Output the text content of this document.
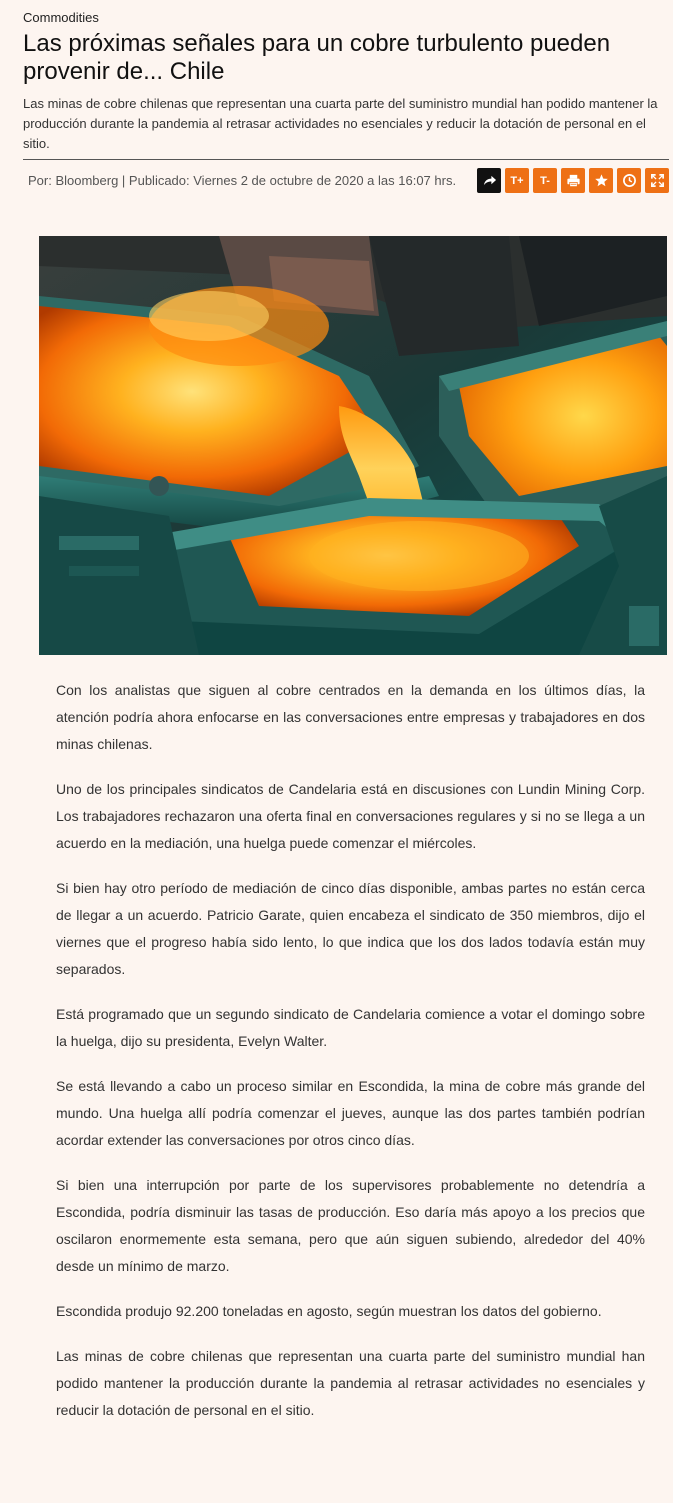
Commodities
Las próximas señales para un cobre turbulento pueden provenir de... Chile

Las minas de cobre chilenas que representan una cuarta parte del suministro mundial han podido mantener la producción durante la pandemia al retrasar actividades no esenciales y reducir la dotación de personal en el sitio.

Por: Bloomberg | Publicado: Viernes 2 de octubre de 2020 a las 16:07 hrs.	T+	T-

Con los analistas que siguen al cobre centrados en la demanda en los últimos días, la atención podría ahora enfocarse en las conversaciones entre empresas y trabajadores en dos minas chilenas.

Uno de los principales sindicatos de Candelaria está en discusiones con Lundin Mining Corp. Los trabajadores rechazaron una oferta final en conversaciones regulares y si no se llega a un acuerdo en la mediación, una huelga puede comenzar el miércoles.

Si bien hay otro período de mediación de cinco días disponible, ambas partes no están cerca de llegar a un acuerdo. Patricio Garate, quien encabeza el sindicato de 350 miembros, dijo el viernes que el progreso había sido lento, lo que indica que los dos lados todavía están muy separados.

Está programado que un segundo sindicato de Candelaria comience a votar el domingo sobre la huelga, dijo su presidenta, Evelyn Walter.

Se está llevando a cabo un proceso similar en Escondida, la mina de cobre más grande del mundo. Una huelga allí podría comenzar el jueves, aunque las dos partes también podrían acordar extender las conversaciones por otros cinco días.

Si bien una interrupción por parte de los supervisores probablemente no detendría a Escondida, podría disminuir las tasas de producción. Eso daría más apoyo a los precios que oscilaron enormemente esta semana, pero que aún siguen subiendo, alrededor del 40% desde un mínimo de marzo.

Escondida produjo 92.200 toneladas en agosto, según muestran los datos del gobierno.

Las minas de cobre chilenas que representan una cuarta parte del suministro mundial han podido mantener la producción durante la pandemia al retrasar actividades no esenciales y reducir la dotación de personal en el sitio.
